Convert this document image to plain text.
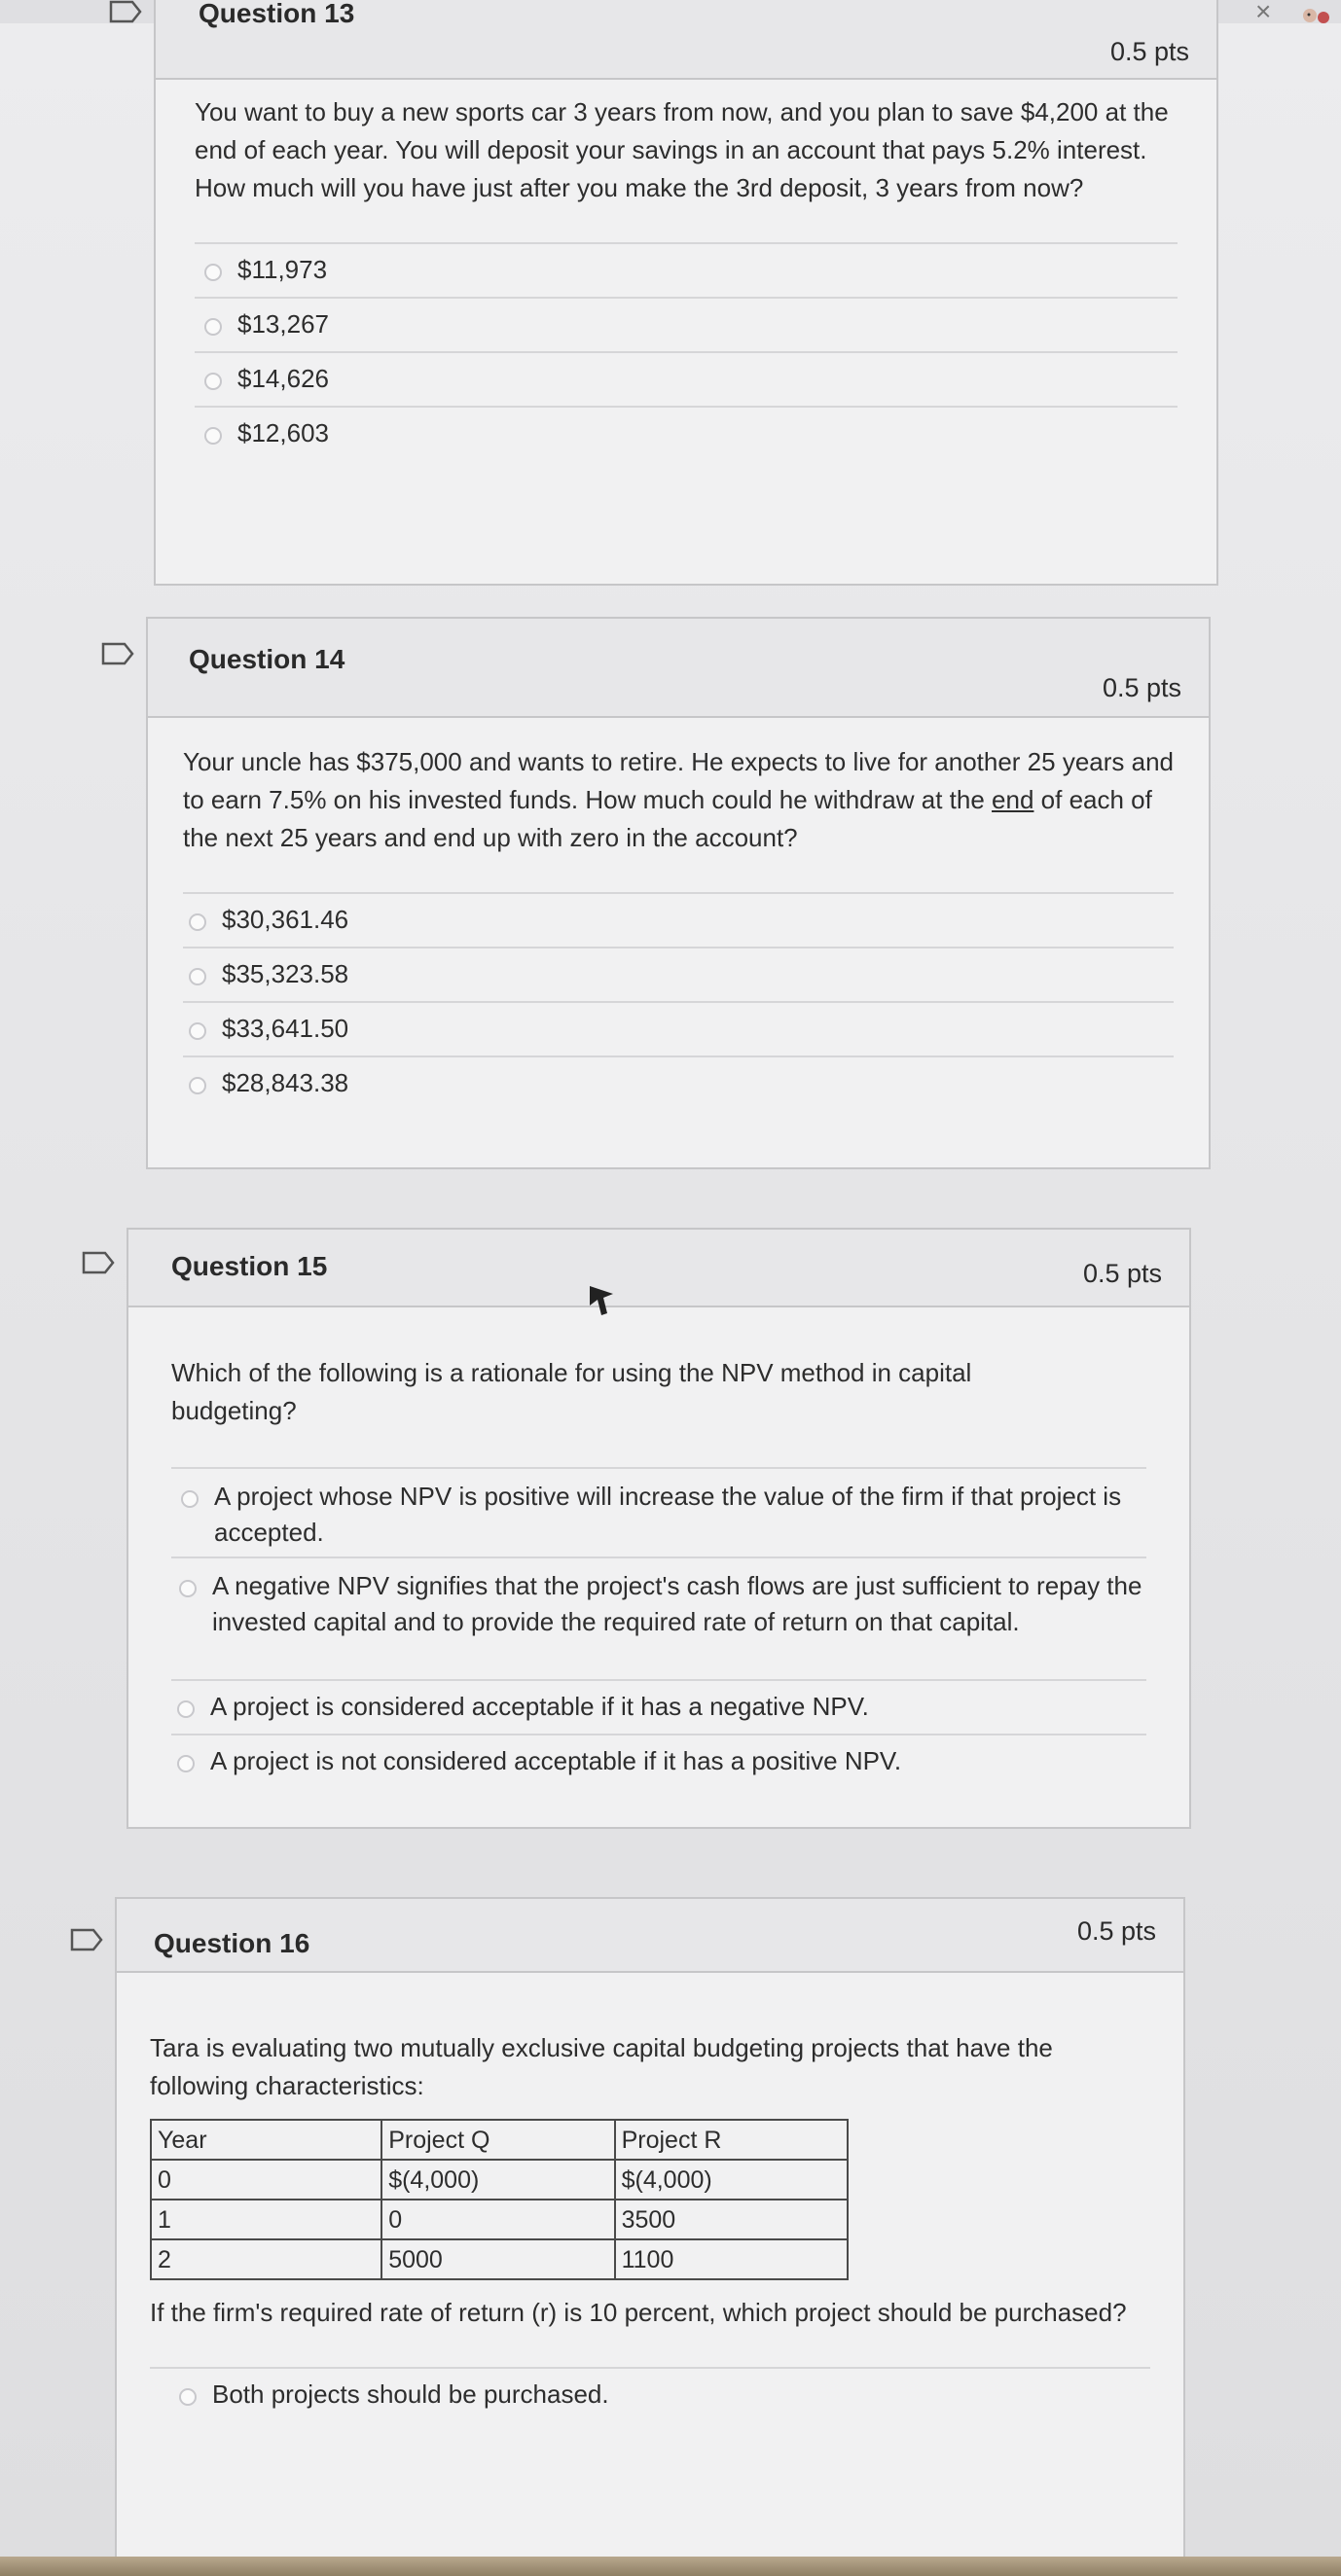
×
Question 13
0.5 pts
You want to buy a new sports car 3 years from now, and you plan to save $4,200 at the end of each year. You will deposit your savings in an account that pays 5.2% interest. How much will you have just after you make the 3rd deposit, 3 years from now?
$11,973
$13,267
$14,626
$12,603
Question 14
0.5 pts
Your uncle has $375,000 and wants to retire. He expects to live for another 25 years and to earn 7.5% on his invested funds. How much could he withdraw at the end of each of the next 25 years and end up with zero in the account?
$30,361.46
$35,323.58
$33,641.50
$28,843.38
Question 15	0.5 pts
Which of the following is a rationale for using the NPV method in capital budgeting?
A project whose NPV is positive will increase the value of the firm if that project is accepted.
A negative NPV signifies that the project's cash flows are just sufficient to repay the invested capital and to provide the required rate of return on that capital.
A project is considered acceptable if it has a negative NPV.
A project is not considered acceptable if it has a positive NPV.
Question 16	0.5 pts
Tara is evaluating two mutually exclusive capital budgeting projects that have the following characteristics:
Year	Project Q	Project R
0	$(4,000)	$(4,000)
1	0	3500
2	5000	1100
If the firm's required rate of return (r) is 10 percent, which project should be purchased?
Both projects should be purchased.
